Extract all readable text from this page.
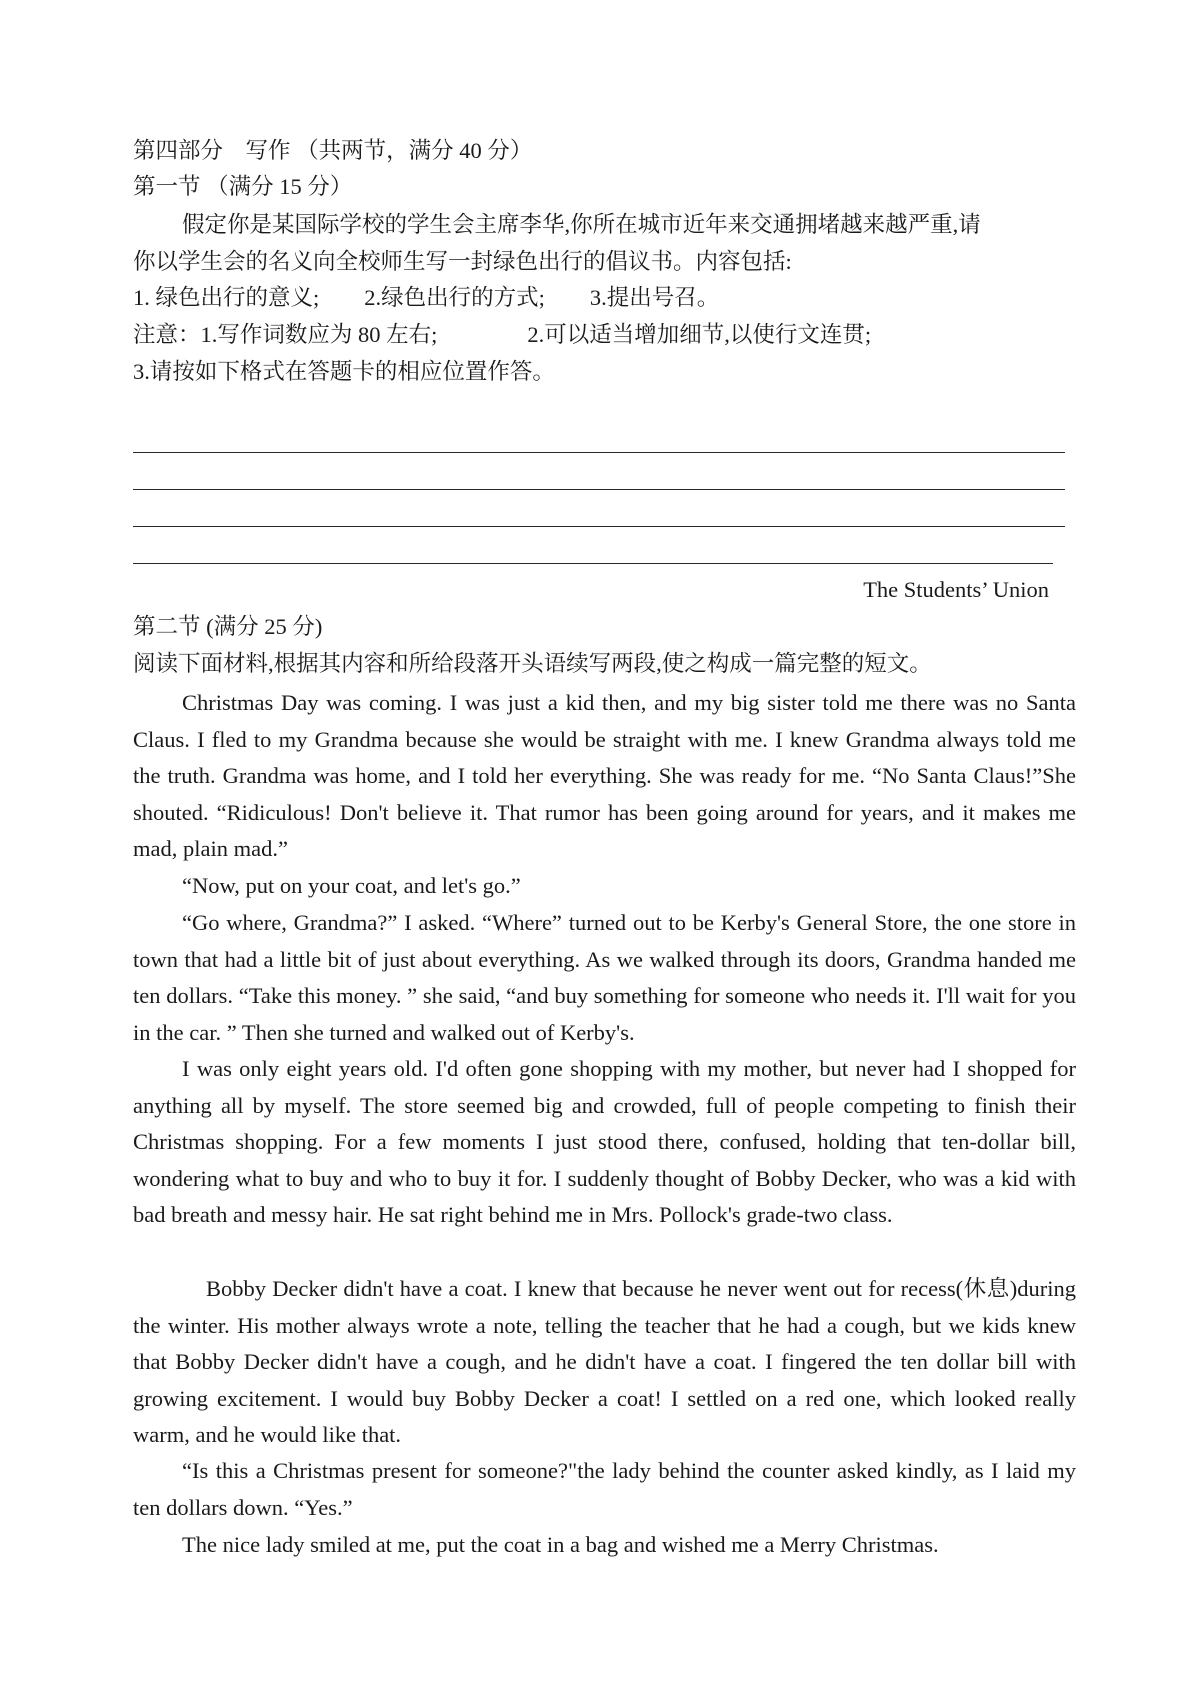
第四部分　写作 （共两节，满分 40 分）
第一节 （满分 15 分）
假定你是某国际学校的学生会主席李华,你所在城市近年来交通拥堵越来越严重,请
你以学生会的名义向全校师生写一封绿色出行的倡议书。内容包括:
1. 绿色出行的意义;　　2.绿色出行的方式;　　3.提出号召。
注意：1.写作词数应为 80 左右;　　　　2.可以适当增加细节,以使行文连贯;
3.请按如下格式在答题卡的相应位置作答。
The Students’ Union
第二节 (满分 25 分)
阅读下面材料,根据其内容和所给段落开头语续写两段,使之构成一篇完整的短文。

Christmas Day was coming. I was just a kid then, and my big sister told me there was no Santa Claus. I fled to my Grandma because she would be straight with me. I knew Grandma always told me the truth. Grandma was home, and I told her everything. She was ready for me. “No Santa Claus!”She shouted. “Ridiculous! Don't believe it. That rumor has been going around for years, and it makes me mad, plain mad.”

“Now, put on your coat, and let's go.”

“Go where, Grandma?” I asked. “Where” turned out to be Kerby's General Store, the one store in town that had a little bit of just about everything. As we walked through its doors, Grandma handed me ten dollars. “Take this money. ” she said, “and buy something for someone who needs it. I'll wait for you in the car. ” Then she turned and walked out of Kerby's.

I was only eight years old. I'd often gone shopping with my mother, but never had I shopped for anything all by myself. The store seemed big and crowded, full of people competing to finish their Christmas shopping. For a few moments I just stood there, confused, holding that ten-dollar bill, wondering what to buy and who to buy it for. I suddenly thought of Bobby Decker, who was a kid with bad breath and messy hair. He sat right behind me in Mrs. Pollock's grade-two class.

Bobby Decker didn't have a coat. I knew that because he never went out for recess(休息)during the winter. His mother always wrote a note, telling the teacher that he had a cough, but we kids knew that Bobby Decker didn't have a cough, and he didn't have a coat. I fingered the ten dollar bill with growing excitement. I would buy Bobby Decker a coat! I settled on a red one, which looked really warm, and he would like that.

“Is this a Christmas present for someone?"the lady behind the counter asked kindly, as I laid my ten dollars down. “Yes.”

The nice lady smiled at me, put the coat in a bag and wished me a Merry Christmas.
